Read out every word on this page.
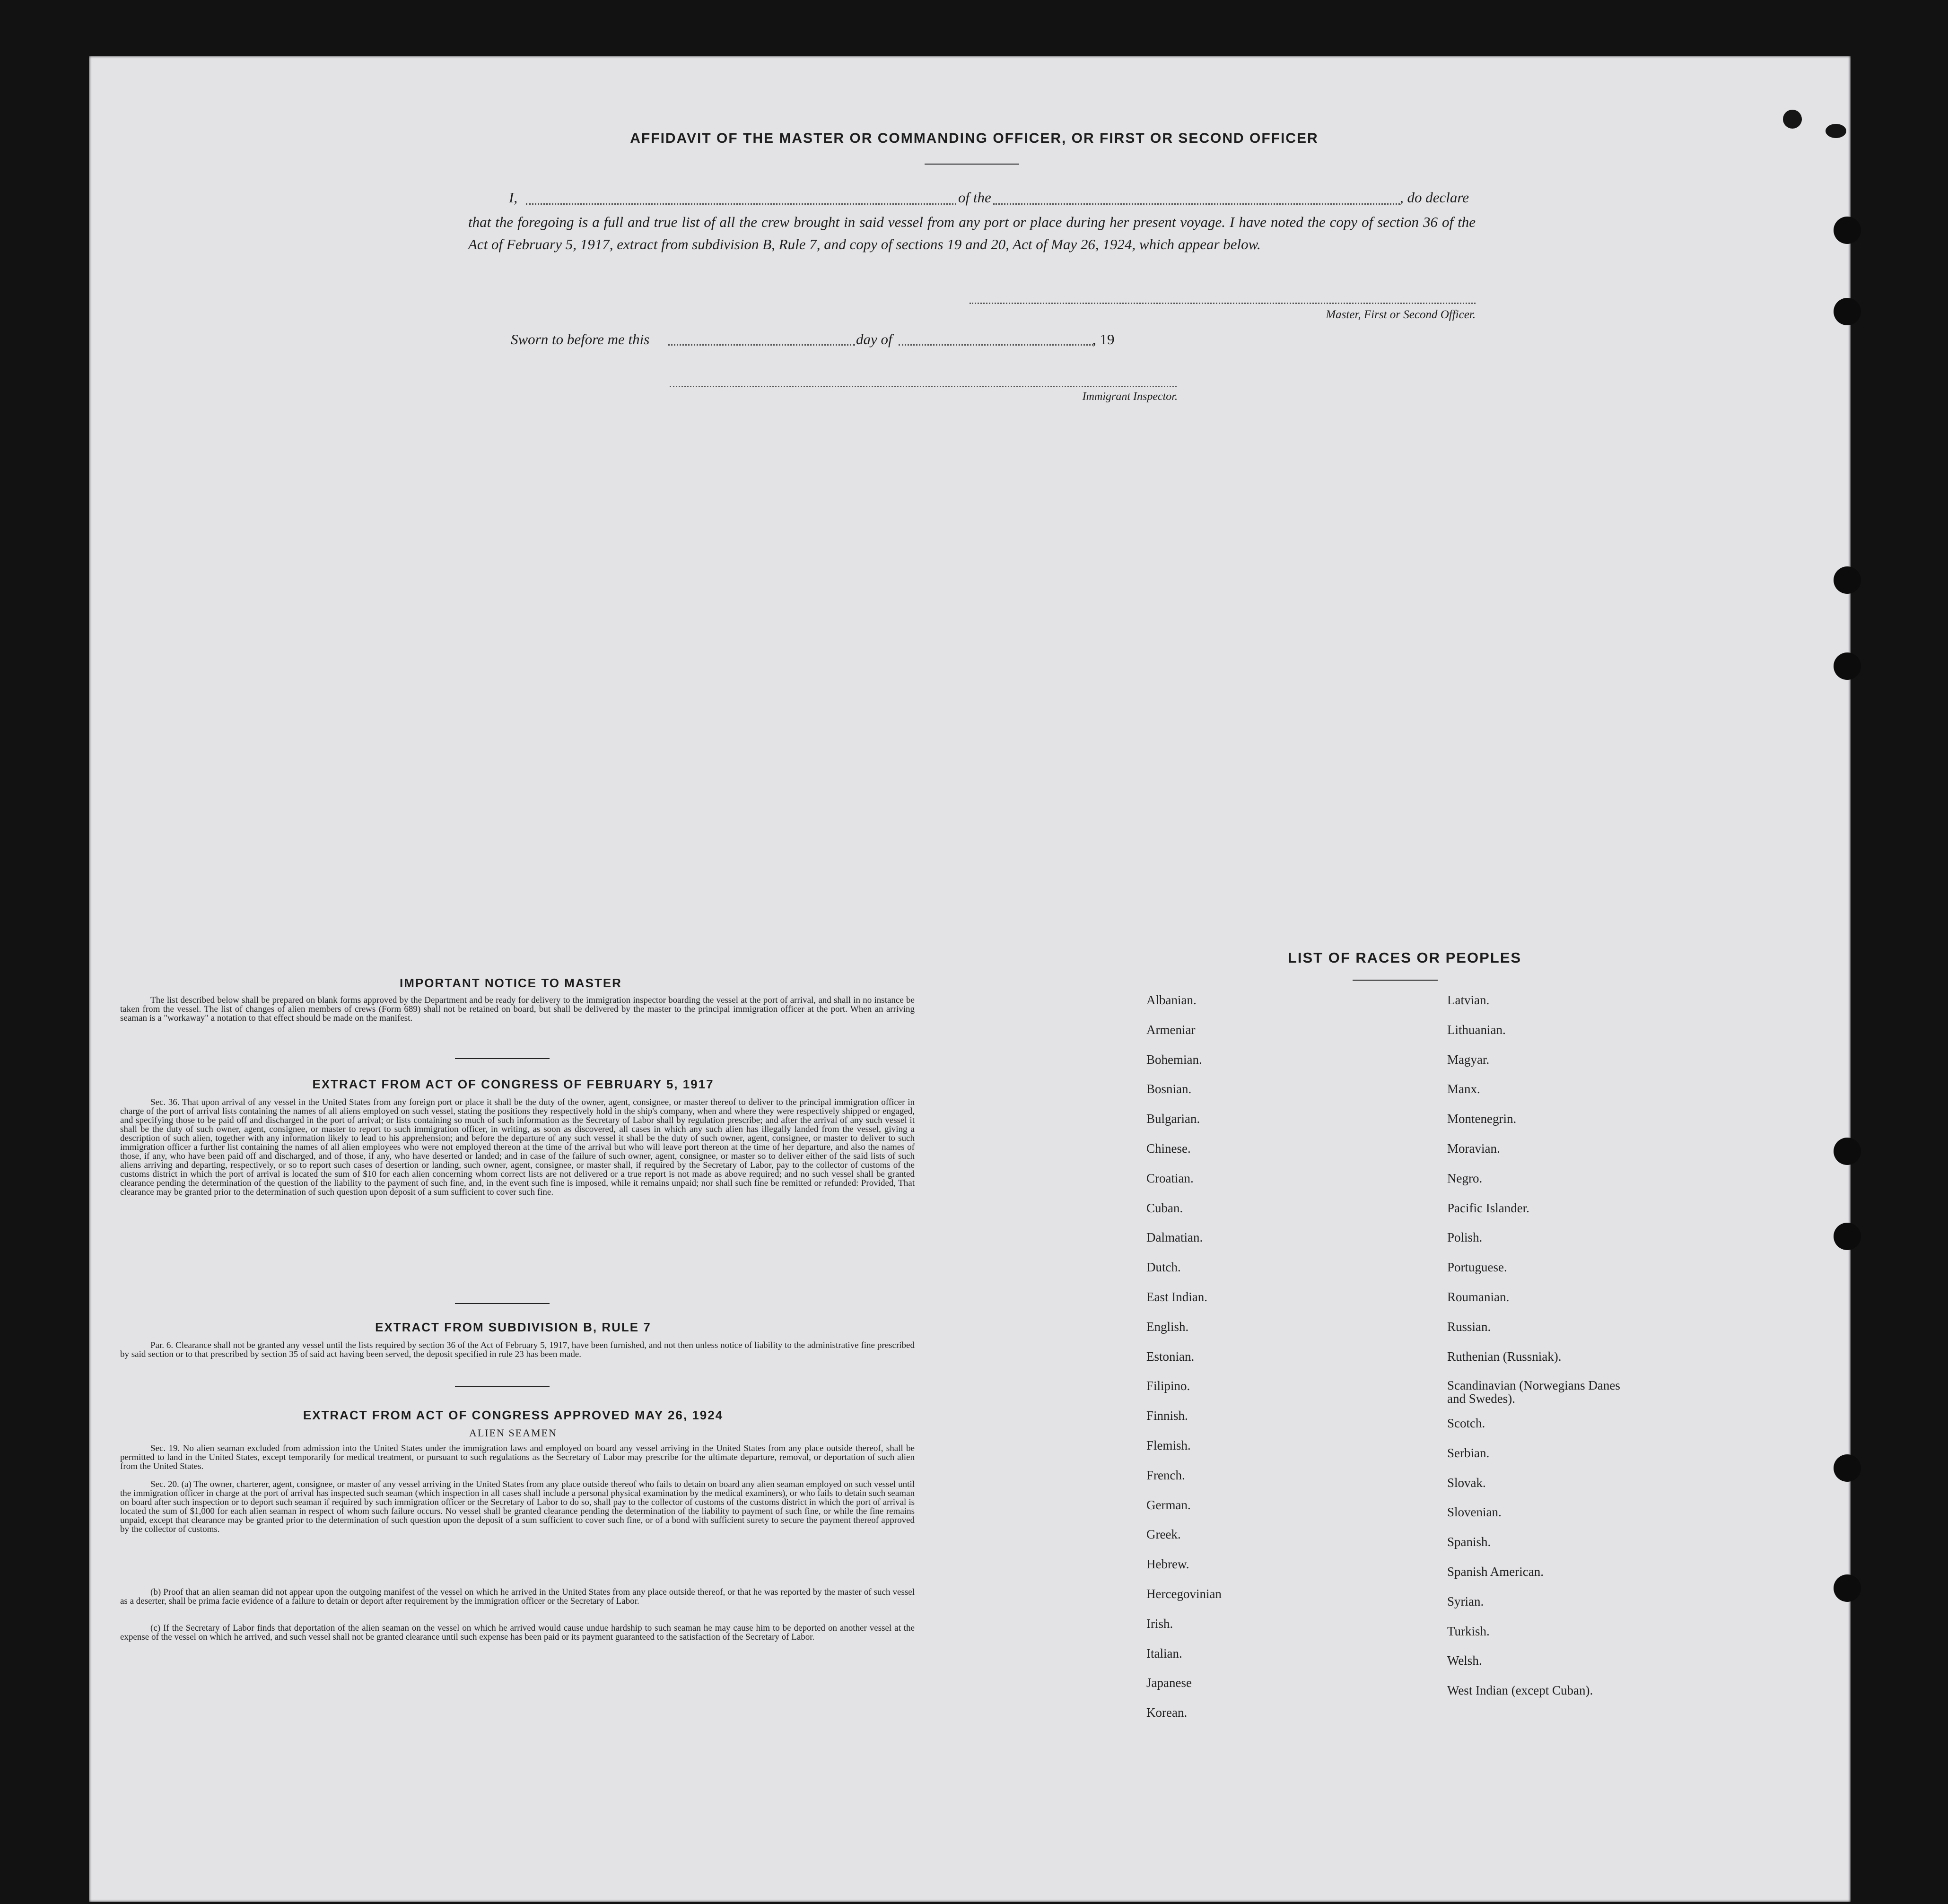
AFFIDAVIT OF THE MASTER OR COMMANDING OFFICER, OR FIRST OR SECOND OFFICER
I,	of the	, do declare
that the foregoing is a full and true list of all the crew brought in said vessel from any port or place during her present voyage. I have noted the copy of section 36 of the Act of February 5, 1917, extract from subdivision B, Rule 7, and copy of sections 19 and 20, Act of May 26, 1924, which appear below.
Master, First or Second Officer.
Sworn to before me this	day of	, 19
Immigrant Inspector.
IMPORTANT NOTICE TO MASTER
The list described below shall be prepared on blank forms approved by the Department and be ready for delivery to the immigration inspector boarding the vessel at the port of arrival, and shall in no instance be taken from the vessel. The list of changes of alien members of crews (Form 689) shall not be retained on board, but shall be delivered by the master to the principal immigration officer at the port. When an arriving seaman is a "workaway" a notation to that effect should be made on the manifest.
EXTRACT FROM ACT OF CONGRESS OF FEBRUARY 5, 1917
Sec. 36. That upon arrival of any vessel in the United States from any foreign port or place it shall be the duty of the owner, agent, consignee, or master thereof to deliver to the principal immigration officer in charge of the port of arrival lists containing the names of all aliens employed on such vessel, stating the positions they respectively hold in the ship's company, when and where they were respectively shipped or engaged, and specifying those to be paid off and discharged in the port of arrival; or lists containing so much of such information as the Secretary of Labor shall by regulation prescribe; and after the arrival of any such vessel it shall be the duty of such owner, agent, consignee, or master to report to such immigration officer, in writing, as soon as discovered, all cases in which any such alien has illegally landed from the vessel, giving a description of such alien, together with any information likely to lead to his apprehension; and before the departure of any such vessel it shall be the duty of such owner, agent, consignee, or master to deliver to such immigration officer a further list containing the names of all alien employees who were not employed thereon at the time of the arrival but who will leave port thereon at the time of her departure, and also the names of those, if any, who have been paid off and discharged, and of those, if any, who have deserted or landed; and in case of the failure of such owner, agent, consignee, or master so to deliver either of the said lists of such aliens arriving and departing, respectively, or so to report such cases of desertion or landing, such owner, agent, consignee, or master shall, if required by the Secretary of Labor, pay to the collector of customs of the customs district in which the port of arrival is located the sum of $10 for each alien concerning whom correct lists are not delivered or a true report is not made as above required; and no such vessel shall be granted clearance pending the determination of the question of the liability to the payment of such fine, and, in the event such fine is imposed, while it remains unpaid; nor shall such fine be remitted or refunded: Provided, That clearance may be granted prior to the determination of such question upon deposit of a sum sufficient to cover such fine.
EXTRACT FROM SUBDIVISION B, RULE 7
Par. 6. Clearance shall not be granted any vessel until the lists required by section 36 of the Act of February 5, 1917, have been furnished, and not then unless notice of liability to the administrative fine prescribed by said section or to that prescribed by section 35 of said act having been served, the deposit specified in rule 23 has been made.
EXTRACT FROM ACT OF CONGRESS APPROVED MAY 26, 1924
ALIEN SEAMEN
Sec. 19. No alien seaman excluded from admission into the United States under the immigration laws and employed on board any vessel arriving in the United States from any place outside thereof, shall be permitted to land in the United States, except temporarily for medical treatment, or pursuant to such regulations as the Secretary of Labor may prescribe for the ultimate departure, removal, or deportation of such alien from the United States.
Sec. 20. (a) The owner, charterer, agent, consignee, or master of any vessel arriving in the United States from any place outside thereof who fails to detain on board any alien seaman employed on such vessel until the immigration officer in charge at the port of arrival has inspected such seaman (which inspection in all cases shall include a personal physical examination by the medical examiners), or who fails to detain such seaman on board after such inspection or to deport such seaman if required by such immigration officer or the Secretary of Labor to do so, shall pay to the collector of customs of the customs district in which the port of arrival is located the sum of $1,000 for each alien seaman in respect of whom such failure occurs. No vessel shall be granted clearance pending the determination of the liability to payment of such fine, or while the fine remains unpaid, except that clearance may be granted prior to the determination of such question upon the deposit of a sum sufficient to cover such fine, or of a bond with sufficient surety to secure the payment thereof approved by the collector of customs.
(b) Proof that an alien seaman did not appear upon the outgoing manifest of the vessel on which he arrived in the United States from any place outside thereof, or that he was reported by the master of such vessel as a deserter, shall be prima facie evidence of a failure to detain or deport after requirement by the immigration officer or the Secretary of Labor.
(c) If the Secretary of Labor finds that deportation of the alien seaman on the vessel on which he arrived would cause undue hardship to such seaman he may cause him to be deported on another vessel at the expense of the vessel on which he arrived, and such vessel shall not be granted clearance until such expense has been paid or its payment guaranteed to the satisfaction of the Secretary of Labor.
LIST OF RACES OR PEOPLES
Albanian.
Armeniar
Bohemian.
Bosnian.
Bulgarian.
Chinese.
Croatian.
Cuban.
Dalmatian.
Dutch.
East Indian.
English.
Estonian.
Filipino.
Finnish.
Flemish.
French.
German.
Greek.
Hebrew.
Hercegovinian
Irish.
Italian.
Japanese
Korean.
Latvian.
Lithuanian.
Magyar.
Manx.
Montenegrin.
Moravian.
Negro.
Pacific Islander.
Polish.
Portuguese.
Roumanian.
Russian.
Ruthenian (Russniak).
Scandinavian (Norwegians Danes and Swedes).
Scotch.
Serbian.
Slovak.
Slovenian.
Spanish.
Spanish American.
Syrian.
Turkish.
Welsh.
West Indian (except Cuban).
